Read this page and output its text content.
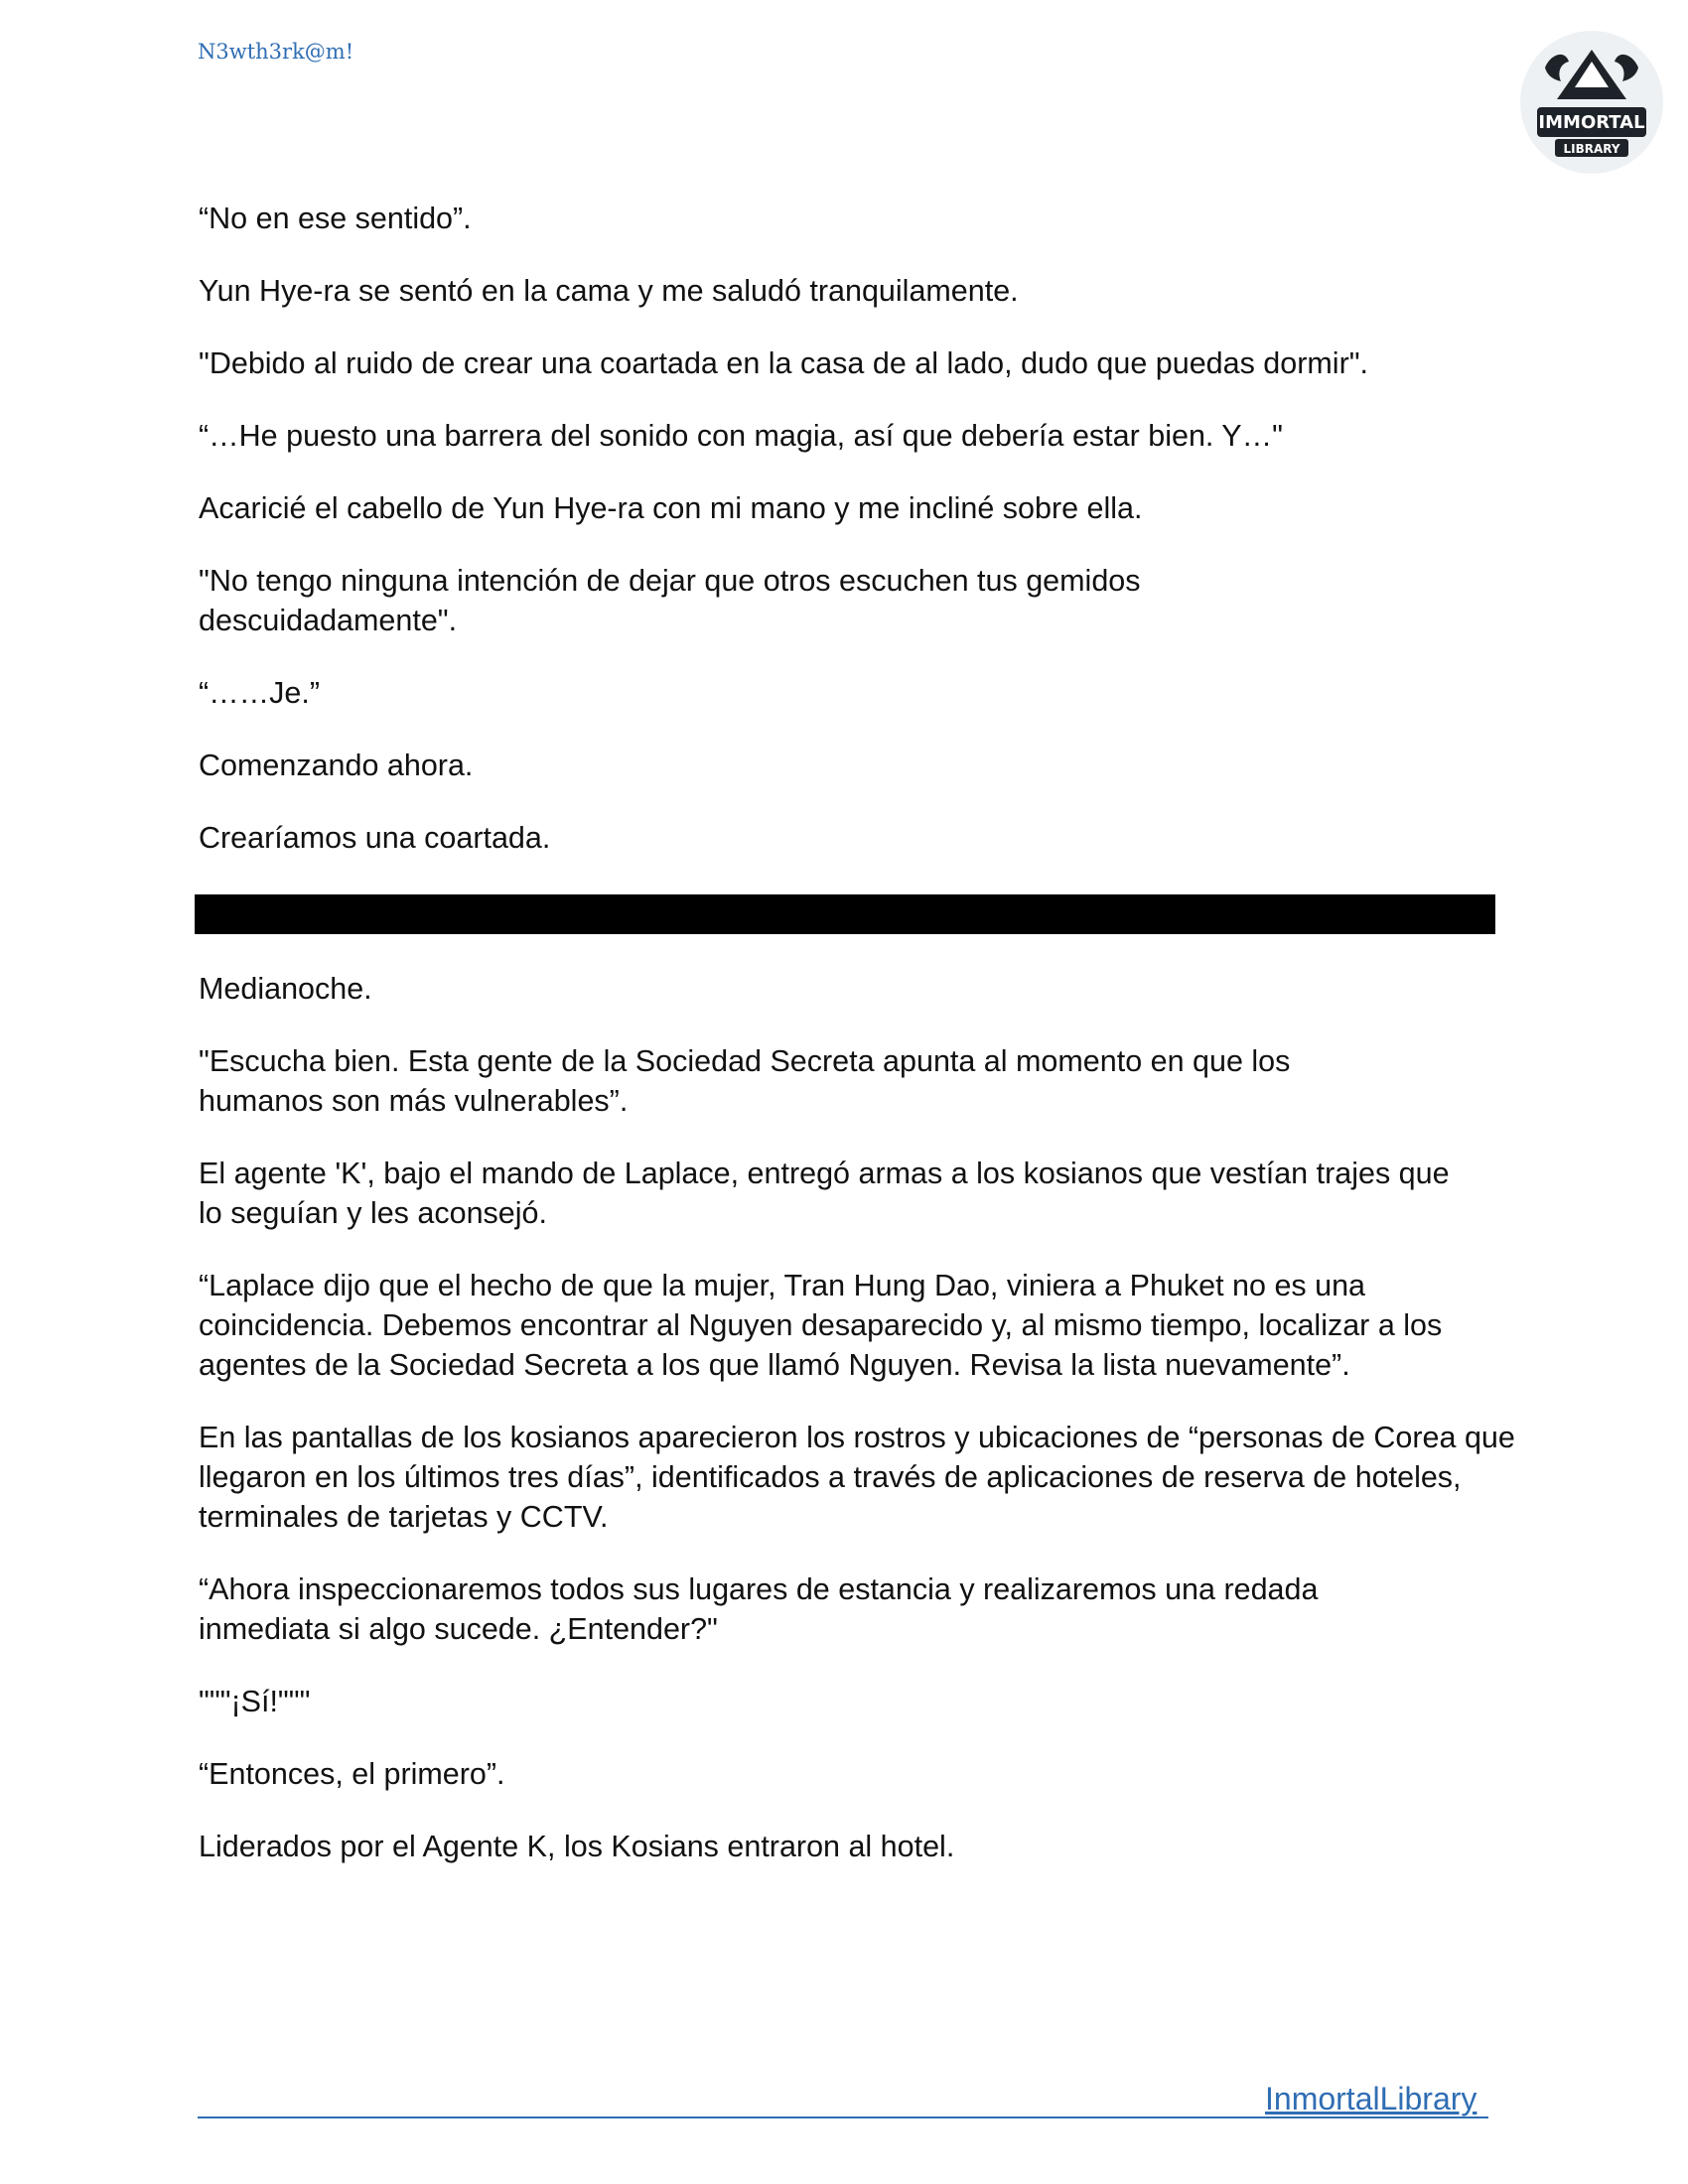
N3wth3rk@m!
IMMORTAL
LIBRARY

“No en ese sentido”.

Yun Hye-ra se sentó en la cama y me saludó tranquilamente.

"Debido al ruido de crear una coartada en la casa de al lado, dudo que puedas dormir".

“…He puesto una barrera del sonido con magia, así que debería estar bien. Y…"

Acaricié el cabello de Yun Hye-ra con mi mano y me incliné sobre ella.

"No tengo ninguna intención de dejar que otros escuchen tus gemidos descuidadamente".

“……Je.”

Comenzando ahora.

Crearíamos una coartada.

Medianoche.

"Escucha bien. Esta gente de la Sociedad Secreta apunta al momento en que los humanos son más vulnerables”.

El agente 'K', bajo el mando de Laplace, entregó armas a los kosianos que vestían trajes que lo seguían y les aconsejó.

“Laplace dijo que el hecho de que la mujer, Tran Hung Dao, viniera a Phuket no es una coincidencia. Debemos encontrar al Nguyen desaparecido y, al mismo tiempo, localizar a los agentes de la Sociedad Secreta a los que llamó Nguyen. Revisa la lista nuevamente”.

En las pantallas de los kosianos aparecieron los rostros y ubicaciones de “personas de Corea que llegaron en los últimos tres días”, identificados a través de aplicaciones de reserva de hoteles, terminales de tarjetas y CCTV.

“Ahora inspeccionaremos todos sus lugares de estancia y realizaremos una redada inmediata si algo sucede. ¿Entender?"

"""¡Sí!"""

“Entonces, el primero”.

Liderados por el Agente K, los Kosians entraron al hotel.

InmortalLibrary
